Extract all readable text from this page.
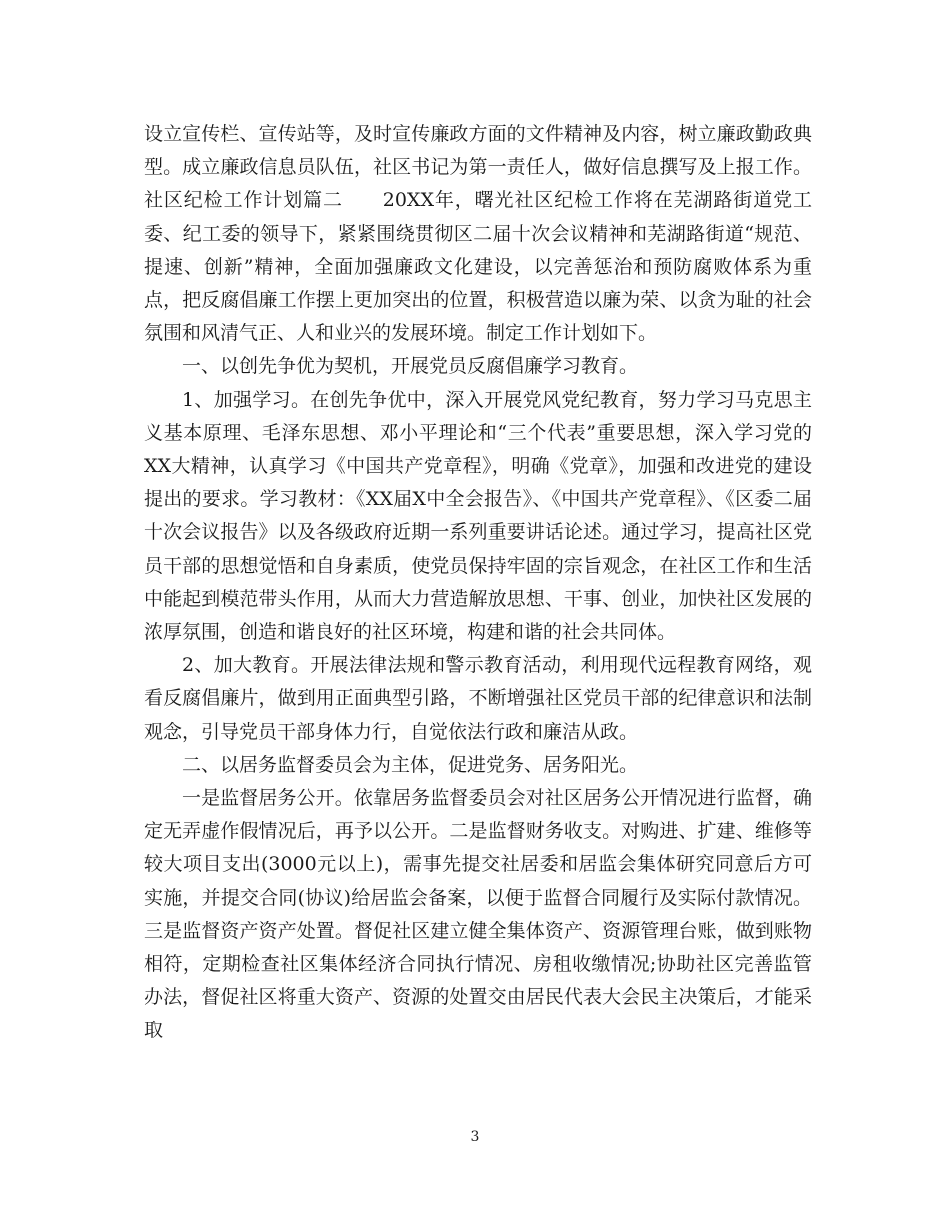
设立宣传栏、宣传站等，及时宣传廉政方面的文件精神及内容，树立廉政勤政典型。成立廉政信息员队伍，社区书记为第一责任人，做好信息撰写及上报工作。社区纪检工作计划篇二　　20XX年，曙光社区纪检工作将在芜湖路街道党工委、纪工委的领导下，紧紧围绕贯彻区二届十次会议精神和芜湖路街道“规范、提速、创新”精神，全面加强廉政文化建设，以完善惩治和预防腐败体系为重点，把反腐倡廉工作摆上更加突出的位置，积极营造以廉为荣、以贪为耻的社会氛围和风清气正、人和业兴的发展环境。制定工作计划如下。

一、以创先争优为契机，开展党员反腐倡廉学习教育。

1、加强学习。在创先争优中，深入开展党风党纪教育，努力学习马克思主义基本原理、毛泽东思想、邓小平理论和“三个代表”重要思想，深入学习党的XX大精神，认真学习《中国共产党章程》，明确《党章》，加强和改进党的建设提出的要求。学习教材：《XX届X中全会报告》、《中国共产党章程》、《区委二届十次会议报告》以及各级政府近期一系列重要讲话论述。通过学习，提高社区党员干部的思想觉悟和自身素质，使党员保持牢固的宗旨观念，在社区工作和生活中能起到模范带头作用，从而大力营造解放思想、干事、创业，加快社区发展的浓厚氛围，创造和谐良好的社区环境，构建和谐的社会共同体。

2、加大教育。开展法律法规和警示教育活动，利用现代远程教育网络，观看反腐倡廉片，做到用正面典型引路，不断增强社区党员干部的纪律意识和法制观念，引导党员干部身体力行，自觉依法行政和廉洁从政。

二、以居务监督委员会为主体，促进党务、居务阳光。

一是监督居务公开。依靠居务监督委员会对社区居务公开情况进行监督，确定无弄虚作假情况后，再予以公开。二是监督财务收支。对购进、扩建、维修等较大项目支出(3000元以上)，需事先提交社居委和居监会集体研究同意后方可实施，并提交合同(协议)给居监会备案，以便于监督合同履行及实际付款情况。三是监督资产资产处置。督促社区建立健全集体资产、资源管理台账，做到账物相符，定期检查社区集体经济合同执行情况、房租收缴情况;协助社区完善监管办法，督促社区将重大资产、资源的处置交由居民代表大会民主决策后，才能采取

3
